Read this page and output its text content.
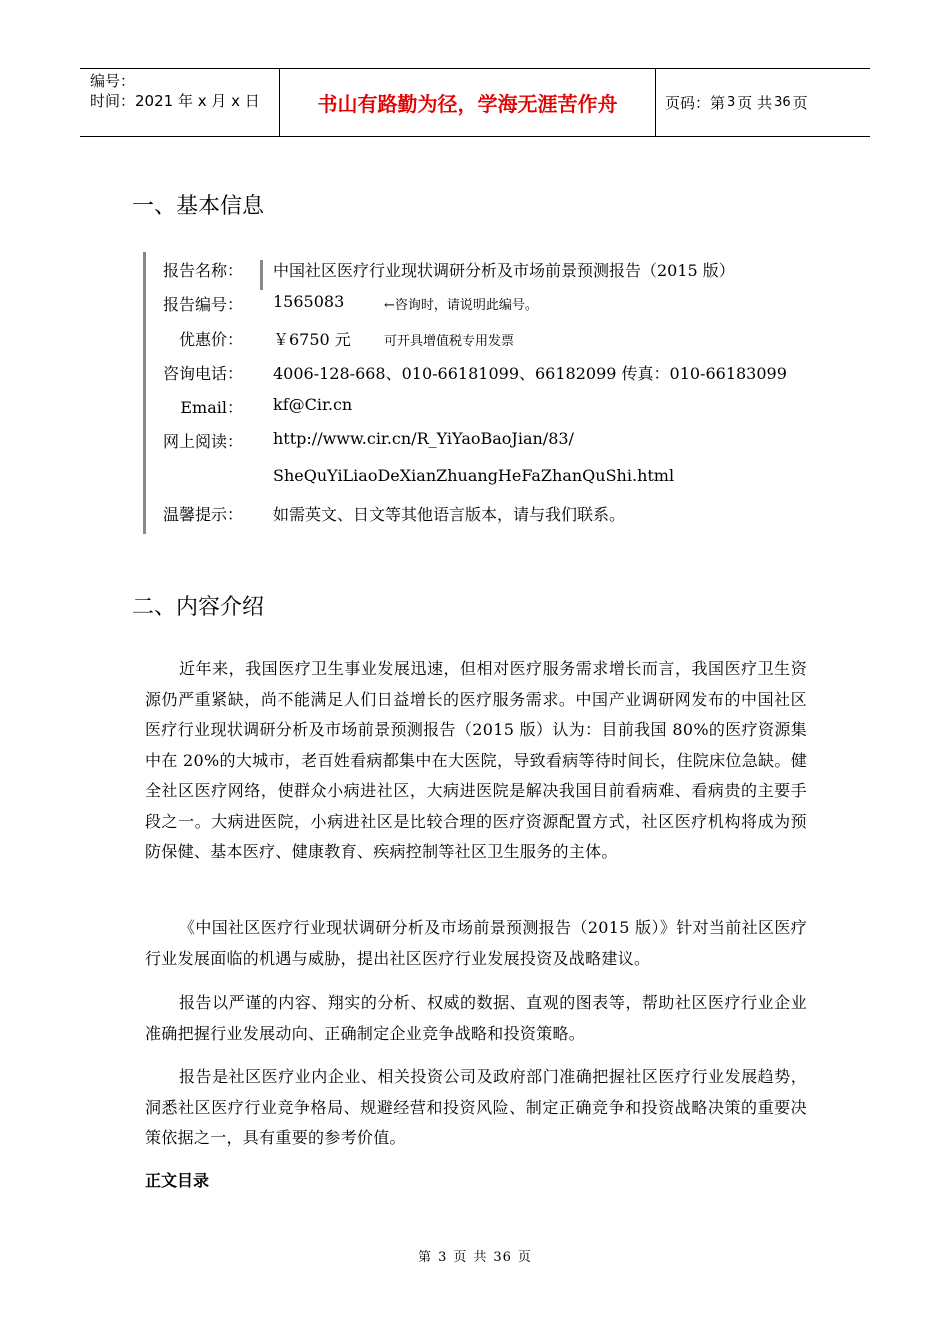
编号：
时间：2021 年 x 月 x 日	书山有路勤为径，学海无涯苦作舟	页码：第 3 页 共 36 页
一、基本信息
报告名称： 中国社区医疗行业现状调研分析及市场前景预测报告（2015 版）
报告编号： 1565083	←咨询时，请说明此编号。
优惠价： ￥6750 元	可开具增值税专用发票
咨询电话： 4006-128-668、010-66181099、66182099 传真：010-66183099
Email： kf@Cir.cn
网上阅读： http://www.cir.cn/R_YiYaoBaoJian/83/
SheQuYiLiaoDeXianZhuangHeFaZhanQuShi.html
温馨提示： 如需英文、日文等其他语言版本，请与我们联系。
二、内容介绍

近年来，我国医疗卫生事业发展迅速，但相对医疗服务需求增长而言，我国医疗卫生资源仍严重紧缺，尚不能满足人们日益增长的医疗服务需求。中国产业调研网发布的中国社区医疗行业现状调研分析及市场前景预测报告（2015 版）认为：目前我国 80%的医疗资源集中在 20%的大城市，老百姓看病都集中在大医院，导致看病等待时间长，住院床位急缺。健全社区医疗网络，使群众小病进社区，大病进医院是解决我国目前看病难、看病贵的主要手段之一。大病进医院，小病进社区是比较合理的医疗资源配置方式，社区医疗机构将成为预防保健、基本医疗、健康教育、疾病控制等社区卫生服务的主体。

《中国社区医疗行业现状调研分析及市场前景预测报告（2015 版）》针对当前社区医疗行业发展面临的机遇与威胁，提出社区医疗行业发展投资及战略建议。

报告以严谨的内容、翔实的分析、权威的数据、直观的图表等，帮助社区医疗行业企业准确把握行业发展动向、正确制定企业竞争战略和投资策略。

报告是社区医疗业内企业、相关投资公司及政府部门准确把握社区医疗行业发展趋势，洞悉社区医疗行业竞争格局、规避经营和投资风险、制定正确竞争和投资战略决策的重要决策依据之一，具有重要的参考价值。

正文目录
第 3 页 共 36 页
